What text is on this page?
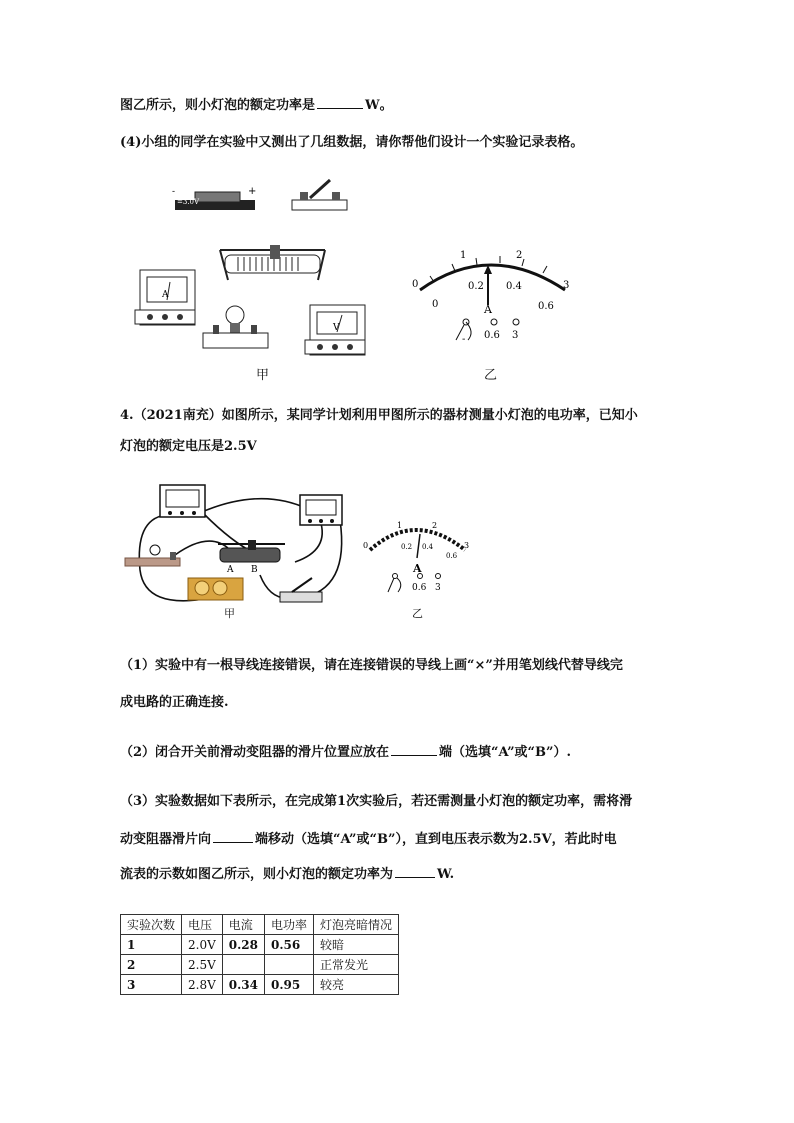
图乙所示，则小灯泡的额定功率是	W。
(4)小组的同学在实验中又测出了几组数据，请你帮他们设计一个实验记录表格。
-	+
=3.0V
A
V
0
1	2
3
0
0.2 0.4
0.6
A
- 0.6 3
甲	乙
4.（2021南充）如图所示，某同学计划利用甲图所示的器材测量小灯泡的电功率，已知小
灯泡的额定电压是2.5V
A B
0
1	2
3
0.2 0.4
0.6
A
0.6 3
甲	乙
（1）实验中有一根导线连接错误，请在连接错误的导线上画“×”并用笔划线代替导线完
成电路的正确连接.
（2）闭合开关前滑动变阻器的滑片位置应放在	端（选填“A”或“B”）.
（3）实验数据如下表所示，在完成第1次实验后，若还需测量小灯泡的额定功率，需将滑
动变阻器滑片向	端移动（选填“A”或“B”），直到电压表示数为2.5V，若此时电
流表的示数如图乙所示，则小灯泡的额定功率为	W.
实验次数	电压	电流	电功率	灯泡亮暗情况
1	2.0V	0.28	0.56	较暗
2	2.5V			正常发光
3	2.8V	0.34	0.95	较亮
